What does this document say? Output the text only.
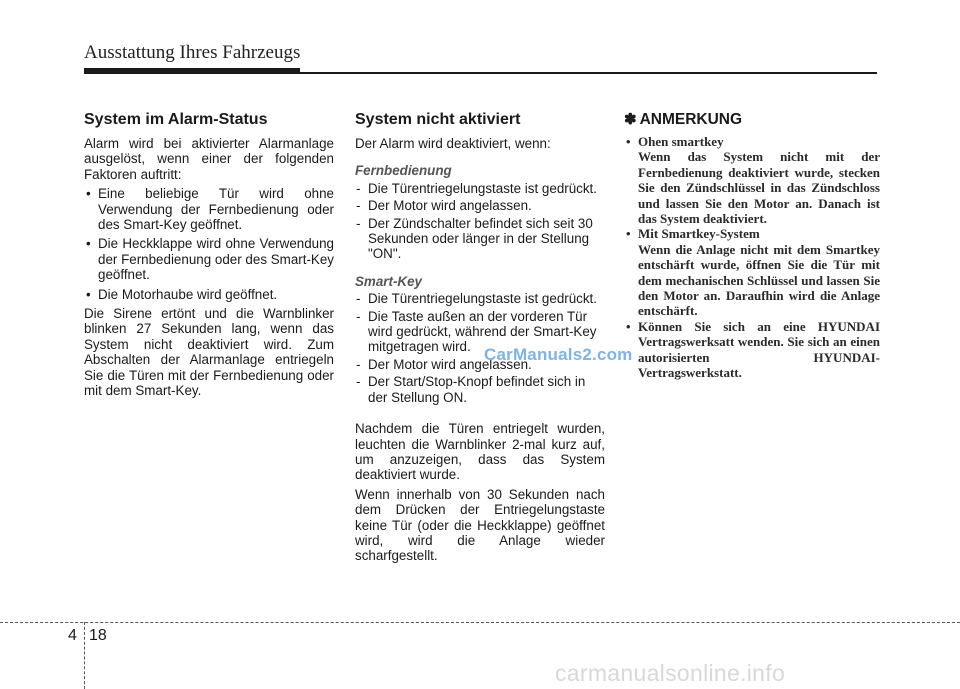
Ausstattung Ihres Fahrzeugs
System im Alarm-Status

Alarm wird bei aktivierter Alarmanlage ausgelöst, wenn einer der folgenden Faktoren auftritt:

• Eine beliebige Tür wird ohne Verwendung der Fernbedienung oder des Smart-Key geöffnet.
• Die Heckklappe wird ohne Verwendung der Fernbedienung oder des Smart-Key geöffnet.
• Die Motorhaube wird geöffnet.

Die Sirene ertönt und die Warnblinker blinken 27 Sekunden lang, wenn das System nicht deaktiviert wird. Zum Abschalten der Alarmanlage entriegeln Sie die Türen mit der Fernbedienung oder mit dem Smart-Key.

System nicht aktiviert

Der Alarm wird deaktiviert, wenn:

Fernbedienung
- Die Türentriegelungstaste ist gedrückt.
- Der Motor wird angelassen.
- Der Zündschalter befindet sich seit 30 Sekunden oder länger in der Stellung "ON".
Smart-Key
- Die Türentriegelungstaste ist gedrückt.
- Die Taste außen an der vorderen Tür wird gedrückt, während der Smart-Key mitgetragen wird.
- Der Motor wird angelassen.
- Der Start/Stop-Knopf befindet sich in der Stellung ON.

Nachdem die Türen entriegelt wurden, leuchten die Warnblinker 2-mal kurz auf, um anzuzeigen, dass das System deaktiviert wurde.

Wenn innerhalb von 30 Sekunden nach dem Drücken der Entriegelungstaste keine Tür (oder die Heckklappe) geöffnet wird, wird die Anlage wieder scharfgestellt.

✽ ANMERKUNG
• Ohen smartkey
Wenn das System nicht mit der Fernbedienung deaktiviert wurde, stecken Sie den Zündschlüssel in das Zündschloss und lassen Sie den Motor an. Danach ist das System deaktiviert.
• Mit Smartkey-System
Wenn die Anlage nicht mit dem Smartkey entschärft wurde, öffnen Sie die Tür mit dem mechanischen Schlüssel und lassen Sie den Motor an. Daraufhin wird die Anlage entschärft.
• Können Sie sich an eine HYUNDAI Vertragswerksatt wenden. Sie sich an einen autorisierten HYUNDAI-Vertragswerkstatt.
CarManuals2.com
4 18
carmanualsonline.info
